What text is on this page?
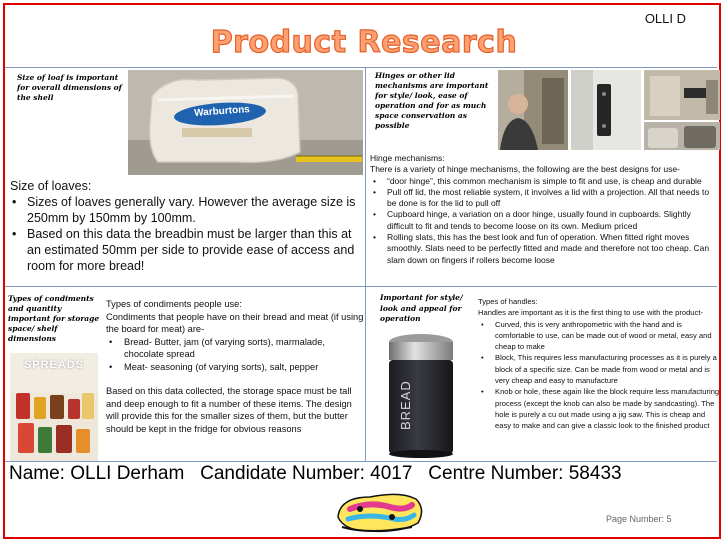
OLLI D
Product Research
Size of loaf is important for overall dimensions of the shell
Warburtons
Size of loaves:
• Sizes of loaves generally vary. However the average size is 250mm by 150mm by 100mm.
• Based on this data the breadbin must be larger than this at an estimated 50mm per side to provide ease of access and room for more bread!
Hinges or other lid mechanisms are important for style/ look, ease of operation and for as much space conservation as possible
Hinge mechanisms:
There is a variety of hinge mechanisms, the following are the best designs for use-
• “door hinge”, this common mechanism is simple to fit and use, is cheap and durable
• Pull off lid, the most reliable system, it involves a lid with a projection. All that needs to be done is for the lid to pull off
• Cupboard hinge, a variation on a door hinge, usually found in cupboards. Slightly difficult to fit and tends to become loose on its own. Medium priced
• Rolling slats, this has the best look and fun of operation. When fitted right moves smoothly. Slats need to be perfectly fitted and made and therefore not too cheap. Can slam down on fingers if rollers become loose
Types of condiments and quantity important for storage space/ shelf dimensions
SPREADS
Types of condiments people use:
Condiments that people have on their bread and meat (if using the board for meat) are-
• Bread- Butter, jam (of varying sorts), marmalade, chocolate spread
• Meat- seasoning (of varying sorts), salt, pepper
Based on this data collected, the storage space must be tall and deep enough to fit a number of these items. The design will provide this for the smaller sizes of them, but the butter should be kept in the fridge for obvious reasons
Important for style/ look and appeal for operation
BREAD
Types of handles:
Handles are important as it is the first thing to use with the product-
• Curved, this is very anthropometric with the hand and is comfortable to use, can be made out of wood or metal, easy and cheap to make
• Block, This requires less manufacturing processes as it is purely a block of a specific size. Can be made from wood or metal and is very cheap and easy to manufacture
• Knob or hole, these again like the block require less manufacturing process (except the knob can also be made by sandcasting). The hole is purely a cu out made using a jig saw. This is cheap and easy to make and can give a classic look to the finished product
Name: OLLI Derham Candidate Number: 4017 Centre Number: 58433
Page Number: 5
